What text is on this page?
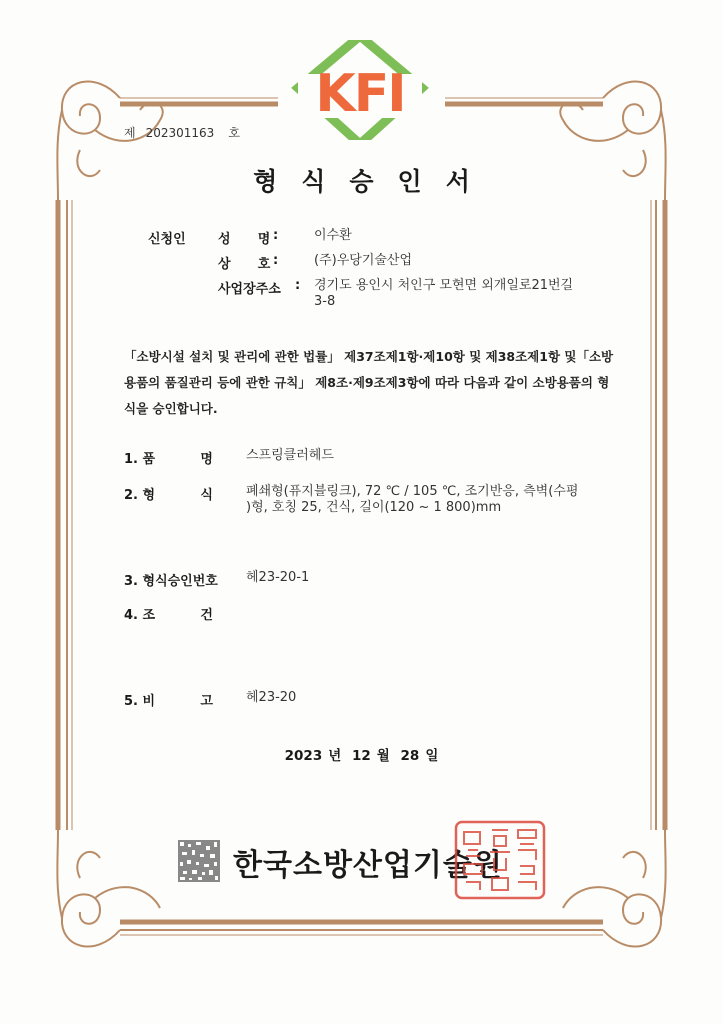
KFI
제 202301163 호
형식승인서
신청인 성      명 :	이수환
상      호 :	(주)우당기술산업
사업장주소 : 경기도 용인시 처인구 모현면 외개일로21번길
3-8
「소방시설 설치 및 관리에 관한 법률」 제37조제1항·제10항 및 제38조제1항 및「소방
용품의 품질관리 등에 관한 규칙」 제8조·제9조제3항에 따라 다음과 같이 소방용품의 형
식을 승인합니다.
1. 품          명	스프링클러헤드
2. 형          식	폐쇄형(퓨지블링크), 72 ℃ / 105 ℃, 조기반응, 측벽(수평
)형, 호칭 25, 건식, 길이(120 ~ 1 800)mm
3. 형식승인번호 헤23-20-1
4. 조          건
5. 비          고	헤23-20
2023 년 12 월 28 일
한국소방산업기술원
